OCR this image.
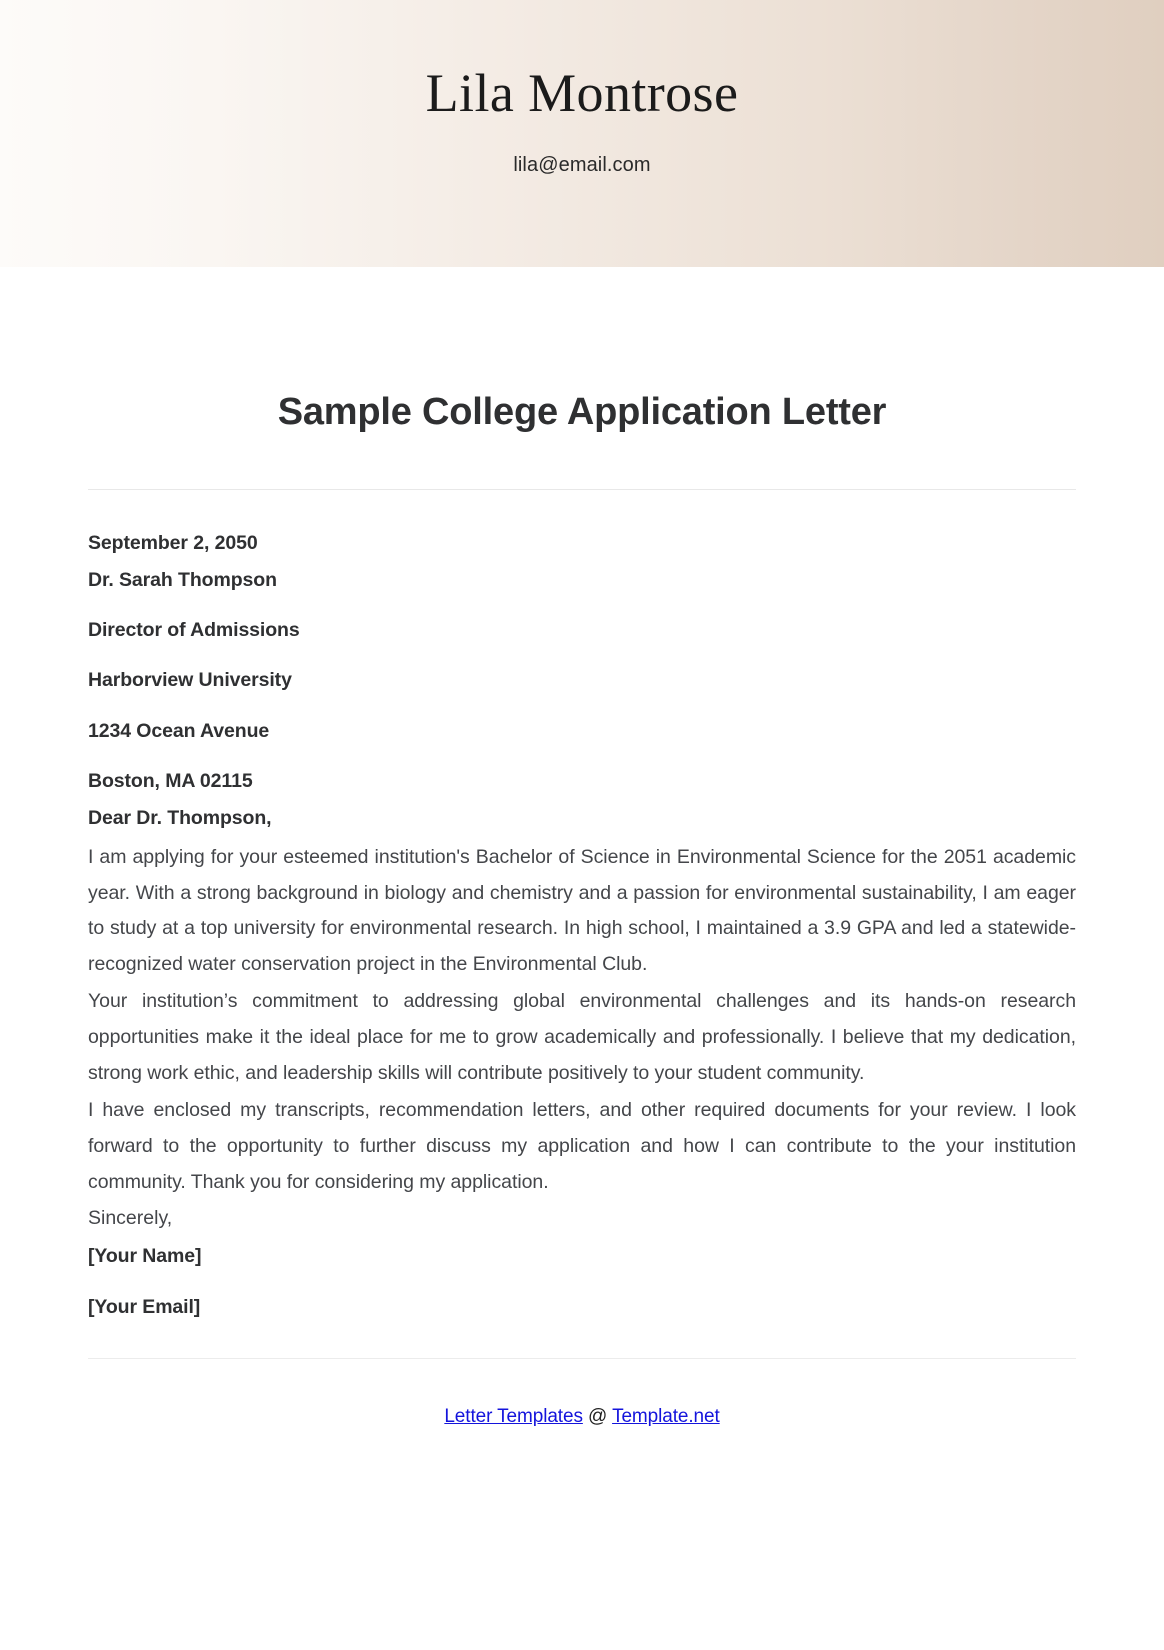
Lila Montrose
lila@email.com
Sample College Application Letter

September 2, 2050

Dr. Sarah Thompson

Director of Admissions

Harborview University

1234 Ocean Avenue

Boston, MA 02115

Dear Dr. Thompson,

I am applying for your esteemed institution's Bachelor of Science in Environmental Science for the 2051 academic year. With a strong background in biology and chemistry and a passion for environmental sustainability, I am eager to study at a top university for environmental research. In high school, I maintained a 3.9 GPA and led a statewide-recognized water conservation project in the Environmental Club.

Your institution’s commitment to addressing global environmental challenges and its hands-on research opportunities make it the ideal place for me to grow academically and professionally. I believe that my dedication, strong work ethic, and leadership skills will contribute positively to your student community.

I have enclosed my transcripts, recommendation letters, and other required documents for your review. I look forward to the opportunity to further discuss my application and how I can contribute to the your institution community. Thank you for considering my application.

Sincerely,

[Your Name]

[Your Email]

Letter Templates @ Template.net
